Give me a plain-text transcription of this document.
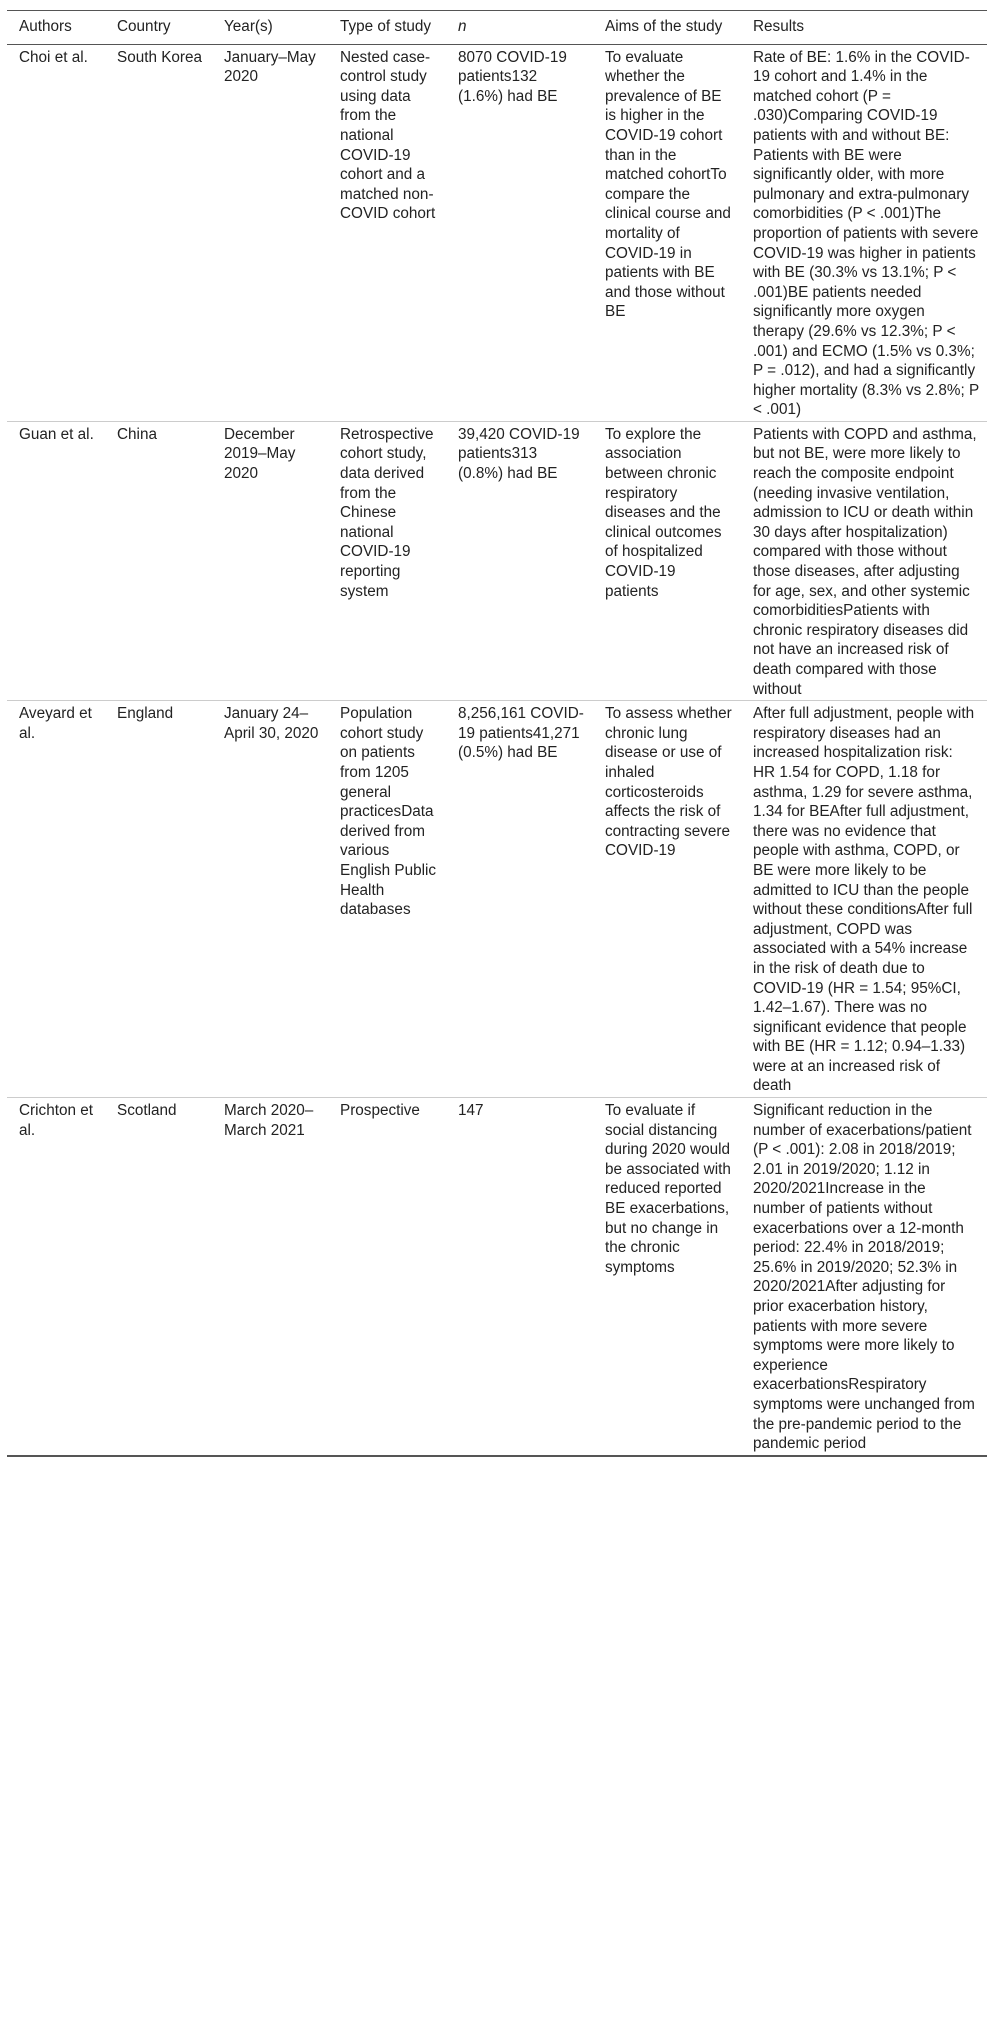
Authors	Country	Year(s)	Type of study	n	Aims of the study	Results
Choi et al.	South Korea	January–May 2020	Nested case-control study using data from the national COVID-19 cohort and a matched non-COVID cohort	8070 COVID-19 patients132 (1.6%) had BE	To evaluate whether the prevalence of BE is higher in the COVID-19 cohort than in the matched cohortTo compare the clinical course and mortality of COVID-19 in patients with BE and those without BE	Rate of BE: 1.6% in the COVID-19 cohort and 1.4% in the matched cohort (P = .030)Comparing COVID-19 patients with and without BE: Patients with BE were significantly older, with more pulmonary and extra-pulmonary comorbidities (P < .001)The proportion of patients with severe COVID-19 was higher in patients with BE (30.3% vs 13.1%; P < .001)BE patients needed significantly more oxygen therapy (29.6% vs 12.3%; P < .001) and ECMO (1.5% vs 0.3%; P = .012), and had a significantly higher mortality (8.3% vs 2.8%; P < .001)
Guan et al.	China	December 2019–May 2020	Retrospective cohort study, data derived from the Chinese national COVID-19 reporting system	39,420 COVID-19 patients313 (0.8%) had BE	To explore the association between chronic respiratory diseases and the clinical outcomes of hospitalized COVID-19 patients	Patients with COPD and asthma, but not BE, were more likely to reach the composite endpoint (needing invasive ventilation, admission to ICU or death within 30 days after hospitalization) compared with those without those diseases, after adjusting for age, sex, and other systemic comorbiditiesPatients with chronic respiratory diseases did not have an increased risk of death compared with those without
Aveyard et al.	England	January 24–April 30, 2020	Population cohort study on patients from 1205 general practicesData derived from various English Public Health databases	8,256,161 COVID-19 patients41,271 (0.5%) had BE	To assess whether chronic lung disease or use of inhaled corticosteroids affects the risk of contracting severe COVID-19	After full adjustment, people with respiratory diseases had an increased hospitalization risk: HR 1.54 for COPD, 1.18 for asthma, 1.29 for severe asthma, 1.34 for BEAfter full adjustment, there was no evidence that people with asthma, COPD, or BE were more likely to be admitted to ICU than the people without these conditionsAfter full adjustment, COPD was associated with a 54% increase in the risk of death due to COVID-19 (HR = 1.54; 95%CI, 1.42–1.67). There was no significant evidence that people with BE (HR = 1.12; 0.94–1.33) were at an increased risk of death
Crichton et al.	Scotland	March 2020–March 2021	Prospective	147	To evaluate if social distancing during 2020 would be associated with reduced reported BE exacerbations, but no change in the chronic symptoms	Significant reduction in the number of exacerbations/patient (P < .001): 2.08 in 2018/2019; 2.01 in 2019/2020; 1.12 in 2020/2021Increase in the number of patients without exacerbations over a 12-month period: 22.4% in 2018/2019; 25.6% in 2019/2020; 52.3% in 2020/2021After adjusting for prior exacerbation history, patients with more severe symptoms were more likely to experience exacerbationsRespiratory symptoms were unchanged from the pre-pandemic period to the pandemic period
